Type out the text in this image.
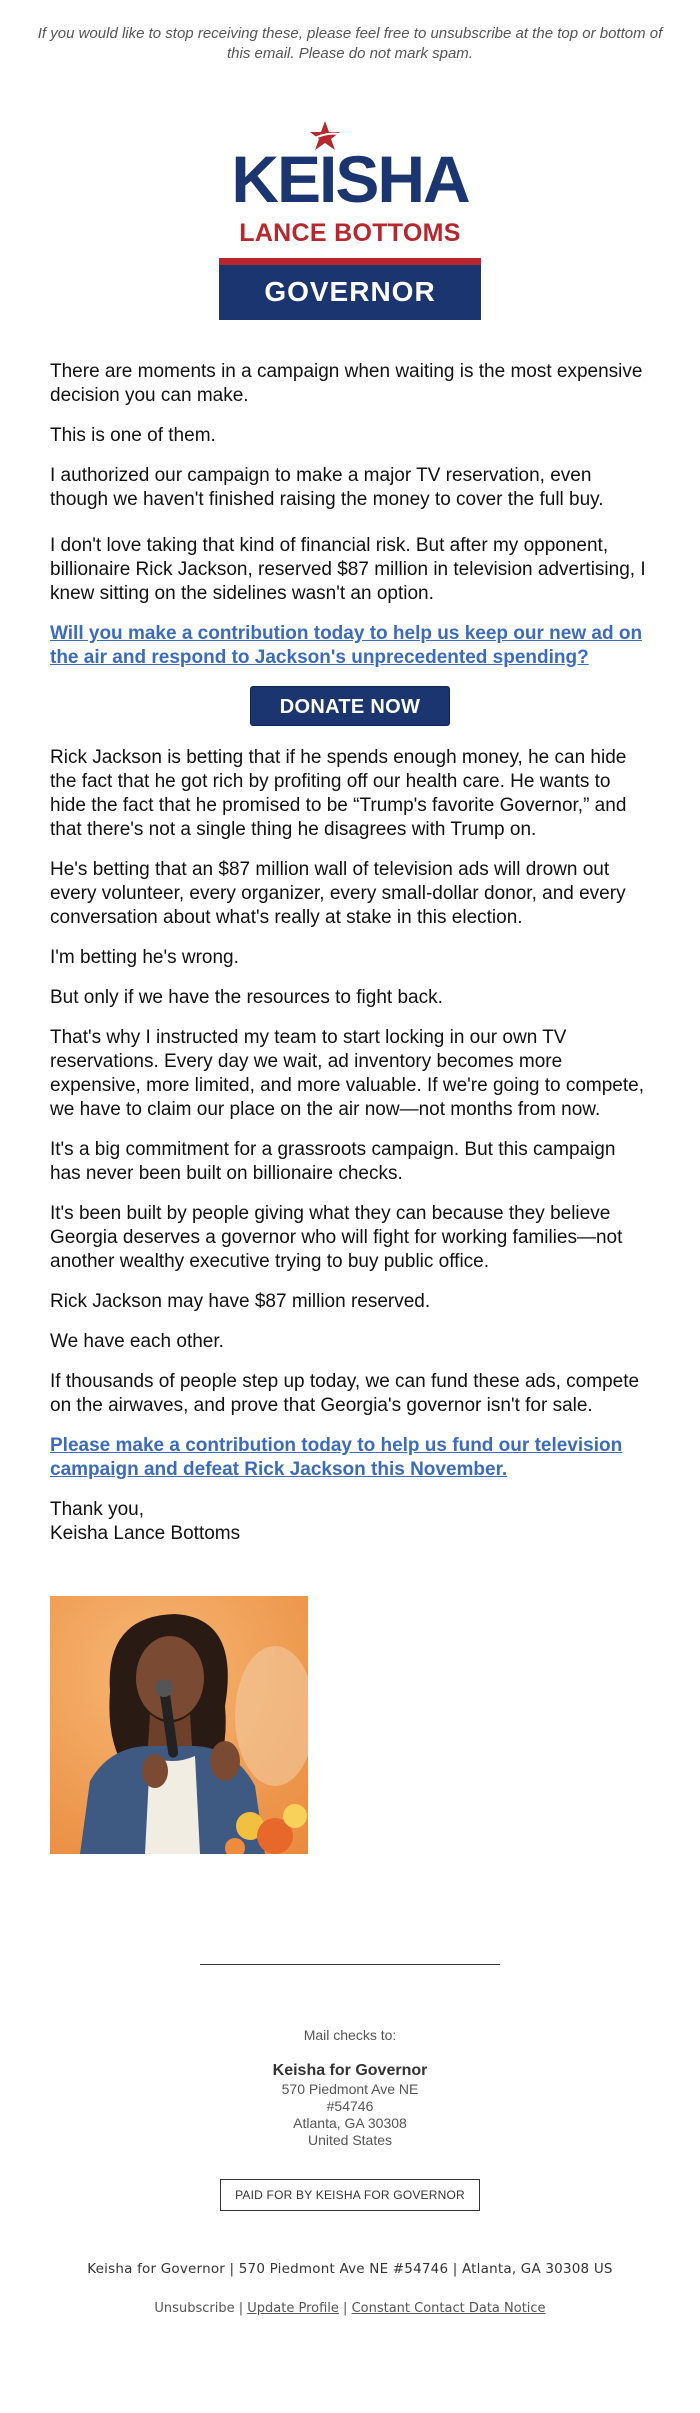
If you would like to stop receiving these, please feel free to unsubscribe at the top or bottom of this email. Please do not mark spam.
KEISHA
LANCE BOTTOMS
GOVERNOR

There are moments in a campaign when waiting is the most expensive decision you can make.

This is one of them.

I authorized our campaign to make a major TV reservation, even though we haven't finished raising the money to cover the full buy.

I don't love taking that kind of financial risk. But after my opponent, billionaire Rick Jackson, reserved $87 million in television advertising, I knew sitting on the sidelines wasn't an option.

Will you make a contribution today to help us keep our new ad on the air and respond to Jackson's unprecedented spending?

DONATE NOW

Rick Jackson is betting that if he spends enough money, he can hide the fact that he got rich by profiting off our health care. He wants to hide the fact that he promised to be “Trump's favorite Governor,” and that there's not a single thing he disagrees with Trump on.

He's betting that an $87 million wall of television ads will drown out every volunteer, every organizer, every small-dollar donor, and every conversation about what's really at stake in this election.

I'm betting he's wrong.

But only if we have the resources to fight back.

That's why I instructed my team to start locking in our own TV reservations. Every day we wait, ad inventory becomes more expensive, more limited, and more valuable. If we're going to compete, we have to claim our place on the air now—not months from now.

It's a big commitment for a grassroots campaign. But this campaign has never been built on billionaire checks.

It's been built by people giving what they can because they believe Georgia deserves a governor who will fight for working families—not another wealthy executive trying to buy public office.

Rick Jackson may have $87 million reserved.

We have each other.

If thousands of people step up today, we can fund these ads, compete on the airwaves, and prove that Georgia's governor isn't for sale.

Please make a contribution today to help us fund our television campaign and defeat Rick Jackson this November.

Thank you,

Keisha Lance Bottoms

Mail checks to:
Keisha for Governor
570 Piedmont Ave NE
#54746
Atlanta, GA 30308
United States
PAID FOR BY KEISHA FOR GOVERNOR
Keisha for Governor | 570 Piedmont Ave NE #54746 | Atlanta, GA 30308 US
Unsubscribe | Update Profile | Constant Contact Data Notice
